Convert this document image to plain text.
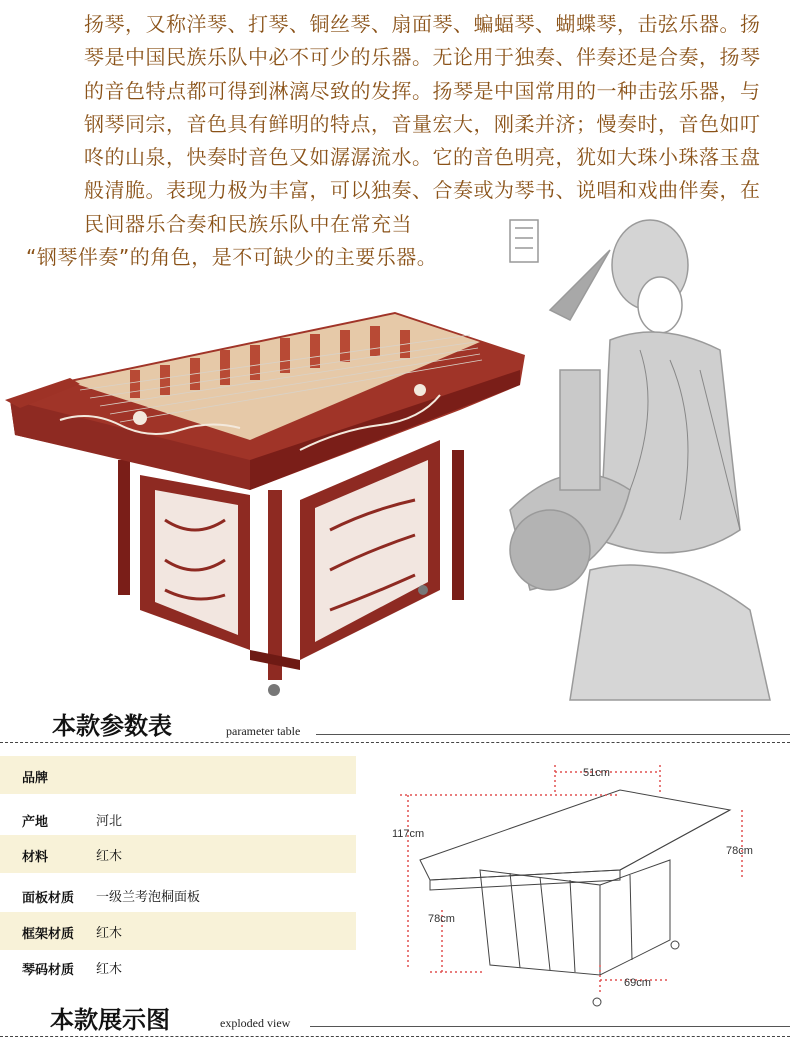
扬琴，又称洋琴、打琴、铜丝琴、扇面琴、蝙蝠琴、蝴蝶琴，击弦乐器。扬琴是中国民族乐队中必不可少的乐器。无论用于独奏、伴奏还是合奏，扬琴的音色特点都可得到淋漓尽致的发挥。扬琴是中国常用的一种击弦乐器，与钢琴同宗，音色具有鲜明的特点，音量宏大，刚柔并济；慢奏时，音色如叮咚的山泉，快奏时音色又如潺潺流水。它的音色明亮，犹如大珠小珠落玉盘般清脆。表现力极为丰富，可以独奏、合奏或为琴书、说唱和戏曲伴奏，在民间器乐合奏和民族乐队中在常充当

“钢琴伴奏”的角色，是不可缺少的主要乐器。

本款参数表	parameter table
品牌
产地	河北
材料	红木
面板材质	一级兰考泡桐面板
框架材质	红木
琴码材质	红木
51cm
117cm
78cm
78cm
69cm
本款展示图	exploded view
